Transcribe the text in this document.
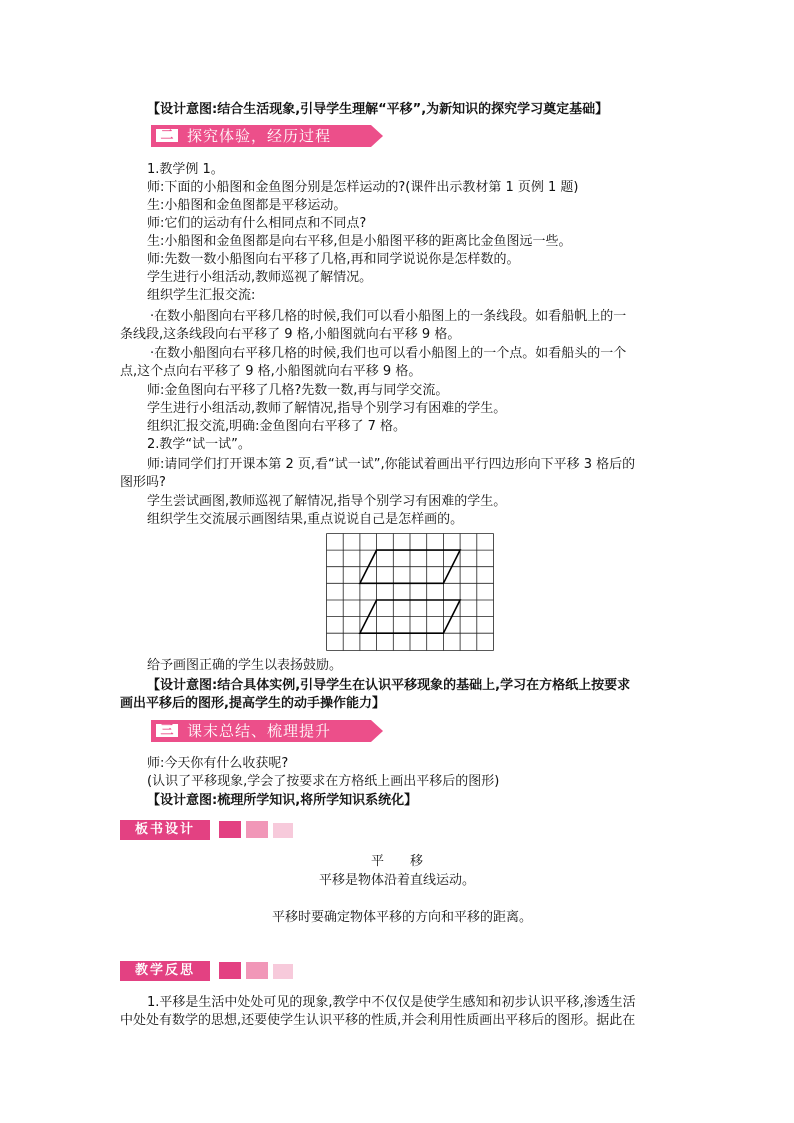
【设计意图:结合生活现象,引导学生理解“平移”,为新知识的探究学习奠定基础】
二 探究体验，经历过程
1.教学例 1。
师:下面的小船图和金鱼图分别是怎样运动的?(课件出示教材第 1 页例 1 题)
生:小船图和金鱼图都是平移运动。
师:它们的运动有什么相同点和不同点?
生:小船图和金鱼图都是向右平移,但是小船图平移的距离比金鱼图远一些。
师:先数一数小船图向右平移了几格,再和同学说说你是怎样数的。
学生进行小组活动,教师巡视了解情况。
组织学生汇报交流:
·在数小船图向右平移几格的时候,我们可以看小船图上的一条线段。如看船帆上的一
条线段,这条线段向右平移了 9 格,小船图就向右平移 9 格。
·在数小船图向右平移几格的时候,我们也可以看小船图上的一个点。如看船头的一个
点,这个点向右平移了 9 格,小船图就向右平移 9 格。
师:金鱼图向右平移了几格?先数一数,再与同学交流。
学生进行小组活动,教师了解情况,指导个别学习有困难的学生。
组织汇报交流,明确:金鱼图向右平移了 7 格。
2.教学“试一试”。
师:请同学们打开课本第 2 页,看“试一试”,你能试着画出平行四边形向下平移 3 格后的
图形吗?
学生尝试画图,教师巡视了解情况,指导个别学习有困难的学生。
组织学生交流展示画图结果,重点说说自己是怎样画的。
给予画图正确的学生以表扬鼓励。
【设计意图:结合具体实例,引导学生在认识平移现象的基础上,学习在方格纸上按要求
画出平移后的图形,提高学生的动手操作能力】
三 课末总结、梳理提升
师:今天你有什么收获呢?
(认识了平移现象,学会了按要求在方格纸上画出平移后的图形)
【设计意图:梳理所学知识,将所学知识系统化】
板书设计
平　　移
平移是物体沿着直线运动。
平移时要确定物体平移的方向和平移的距离。
教学反思
1.平移是生活中处处可见的现象,教学中不仅仅是使学生感知和初步认识平移,渗透生活
中处处有数学的思想,还要使学生认识平移的性质,并会利用性质画出平移后的图形。据此在
